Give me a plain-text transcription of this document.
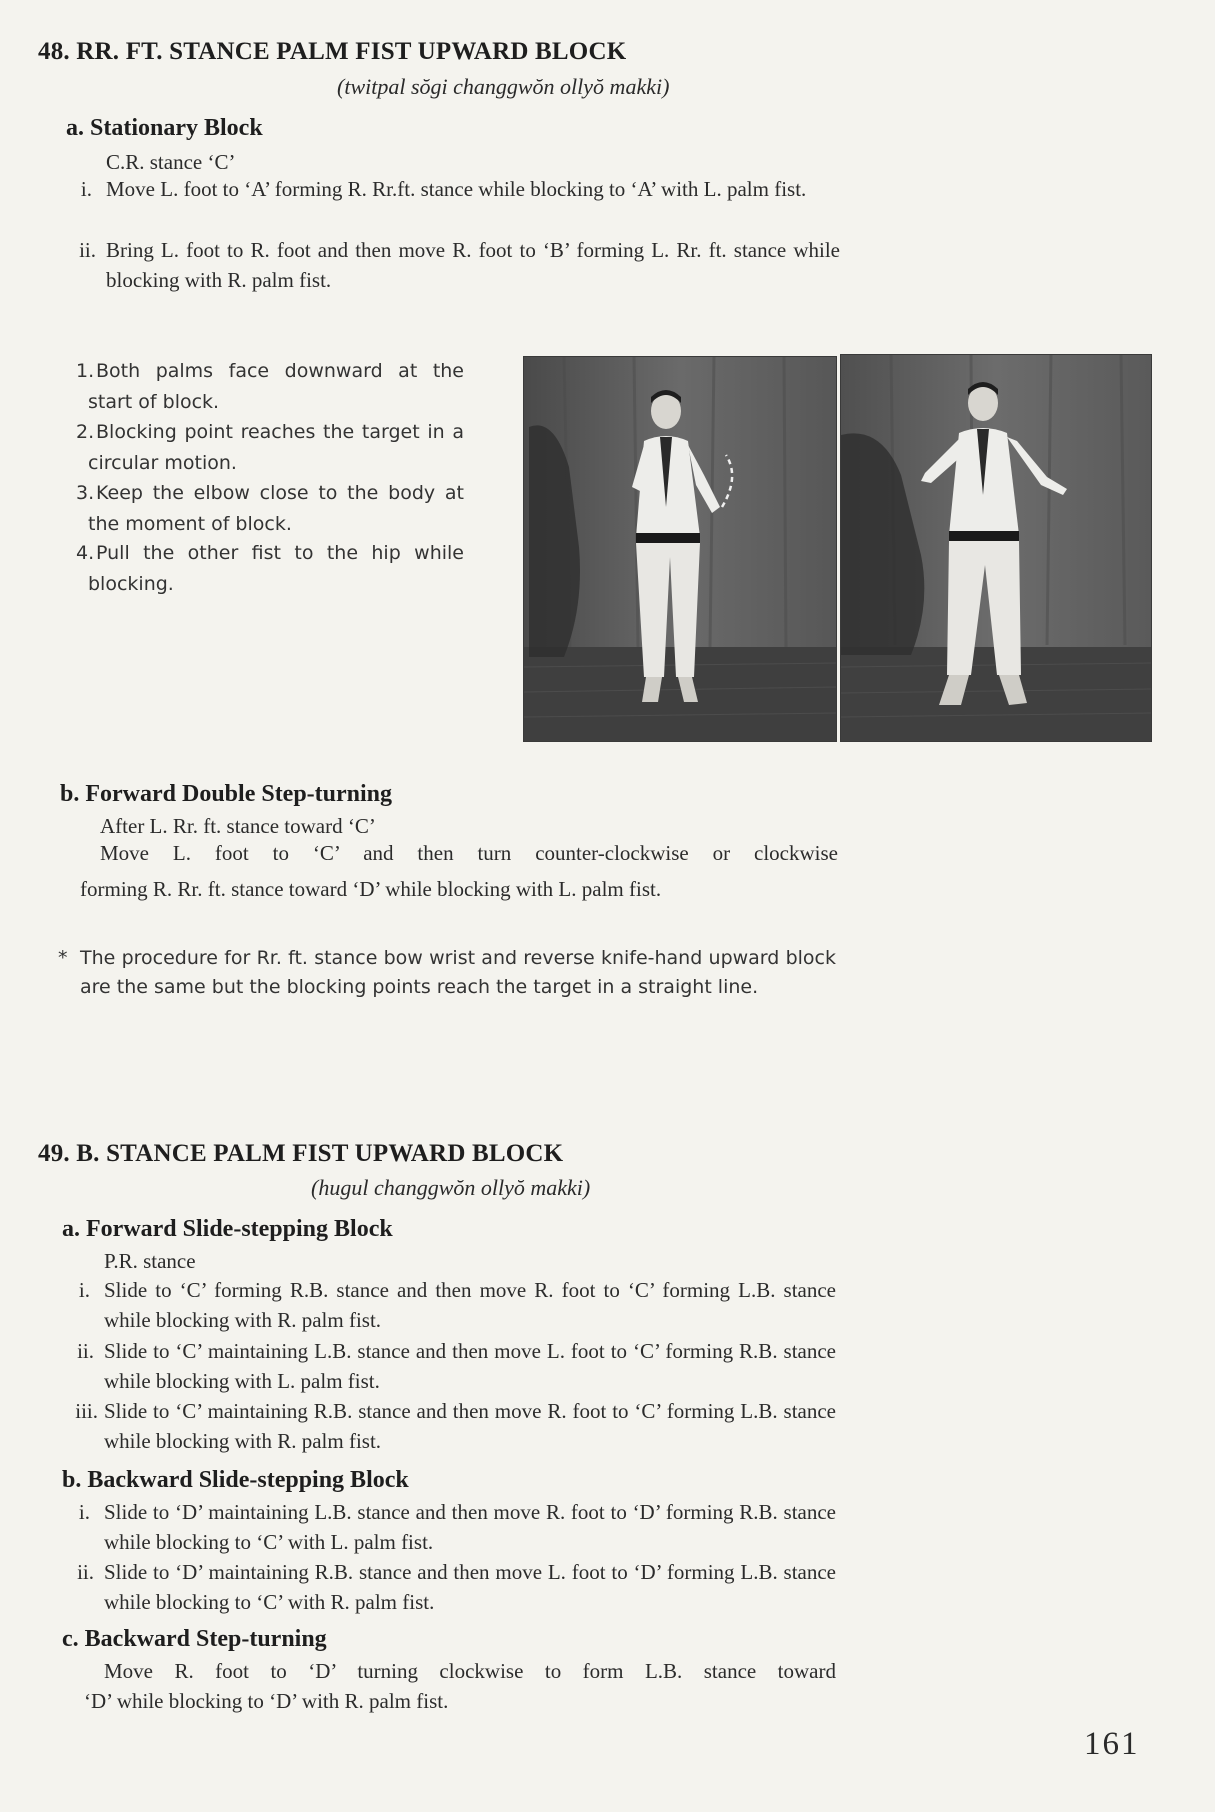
48. RR. FT. STANCE PALM FIST UPWARD BLOCK
(twitpal sŏgi changgwŏn ollyŏ makki)
a. Stationary Block
C.R. stance ‘C’
i. Move L. foot to ‘A’ forming R. Rr.ft. stance while blocking to ‘A’ with L. palm fist.
ii. Bring L. foot to R. foot and then move R. foot to ‘B’ forming L. Rr. ft. stance while blocking with R. palm fist.
1. Both palms face downward at the start of block.
2. Blocking point reaches the target in a circular motion.
3. Keep the elbow close to the body at the moment of block.
4. Pull the other fist to the hip while blocking.
b. Forward Double Step-turning
After L. Rr. ft. stance toward ‘C’
Move L. foot to ‘C’ and then turn counter-clockwise or clockwise
forming R. Rr. ft. stance toward ‘D’ while blocking with L. palm fist.
* The procedure for Rr. ft. stance bow wrist and reverse knife-hand upward block are the same but the blocking points reach the target in a straight line.
49. B. STANCE PALM FIST UPWARD BLOCK
(hugul changgwŏn ollyŏ makki)
a. Forward Slide-stepping Block
P.R. stance
i. Slide to ‘C’ forming R.B. stance and then move R. foot to ‘C’ forming L.B. stance while blocking with R. palm fist.
ii. Slide to ‘C’ maintaining L.B. stance and then move L. foot to ‘C’ forming R.B. stance while blocking with L. palm fist.
iii. Slide to ‘C’ maintaining R.B. stance and then move R. foot to ‘C’ forming L.B. stance while blocking with R. palm fist.
b. Backward Slide-stepping Block
i. Slide to ‘D’ maintaining L.B. stance and then move R. foot to ‘D’ forming R.B. stance while blocking to ‘C’ with L. palm fist.
ii. Slide to ‘D’ maintaining R.B. stance and then move L. foot to ‘D’ forming L.B. stance while blocking to ‘C’ with R. palm fist.
c. Backward Step-turning
Move R. foot to ‘D’ turning clockwise to form L.B. stance toward
‘D’ while blocking to ‘D’ with R. palm fist.
161
